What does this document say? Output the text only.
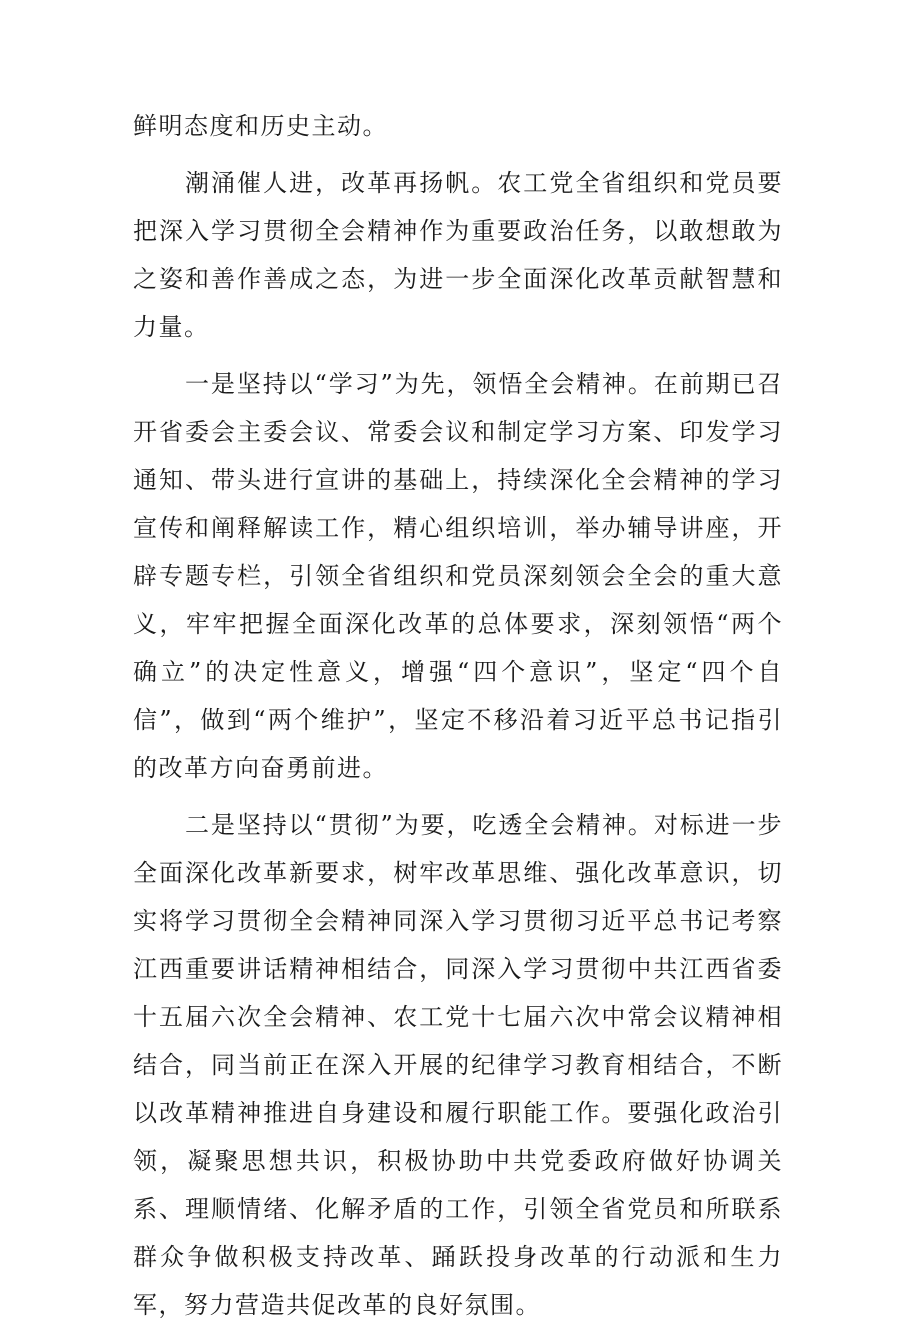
鲜明态度和历史主动。

潮涌催人进，改革再扬帆。农工党全省组织和党员要把深入学习贯彻全会精神作为重要政治任务，以敢想敢为之姿和善作善成之态，为进一步全面深化改革贡献智慧和力量。

一是坚持以“学习”为先，领悟全会精神。在前期已召开省委会主委会议、常委会议和制定学习方案、印发学习通知、带头进行宣讲的基础上，持续深化全会精神的学习宣传和阐释解读工作，精心组织培训，举办辅导讲座，开辟专题专栏，引领全省组织和党员深刻领会全会的重大意义，牢牢把握全面深化改革的总体要求，深刻领悟“两个确立”的决定性意义，增强“四个意识”，坚定“四个自信”，做到“两个维护”，坚定不移沿着习近平总书记指引的改革方向奋勇前进。

二是坚持以“贯彻”为要，吃透全会精神。对标进一步全面深化改革新要求，树牢改革思维、强化改革意识，切实将学习贯彻全会精神同深入学习贯彻习近平总书记考察江西重要讲话精神相结合，同深入学习贯彻中共江西省委十五届六次全会精神、农工党十七届六次中常会议精神相结合，同当前正在深入开展的纪律学习教育相结合，不断以改革精神推进自身建设和履行职能工作。要强化政治引领，凝聚思想共识，积极协助中共党委政府做好协调关系、理顺情绪、化解矛盾的工作，引领全省党员和所联系群众争做积极支持改革、踊跃投身改革的行动派和生力军，努力营造共促改革的良好氛围。
